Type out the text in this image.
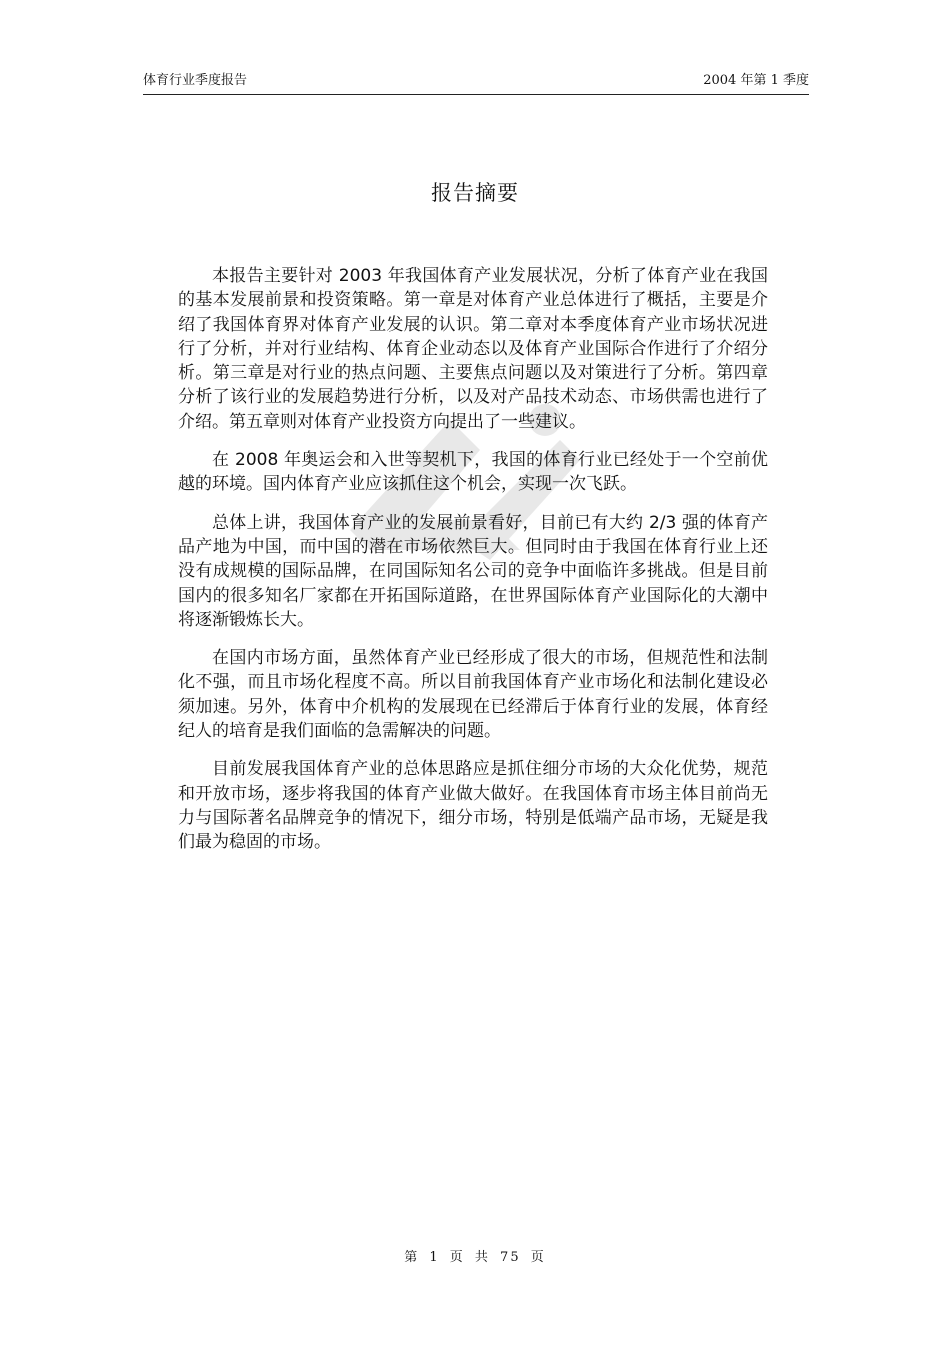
体育行业季度报告	2004 年第 1 季度
报告摘要

本报告主要针对 2003 年我国体育产业发展状况，分析了体育产业在我国的基本发展前景和投资策略。第一章是对体育产业总体进行了概括，主要是介绍了我国体育界对体育产业发展的认识。第二章对本季度体育产业市场状况进行了分析，并对行业结构、体育企业动态以及体育产业国际合作进行了介绍分析。第三章是对行业的热点问题、主要焦点问题以及对策进行了分析。第四章分析了该行业的发展趋势进行分析，以及对产品技术动态、市场供需也进行了介绍。第五章则对体育产业投资方向提出了一些建议。

在 2008 年奥运会和入世等契机下，我国的体育行业已经处于一个空前优越的环境。国内体育产业应该抓住这个机会，实现一次飞跃。

总体上讲，我国体育产业的发展前景看好，目前已有大约 2/3 强的体育产品产地为中国，而中国的潜在市场依然巨大。但同时由于我国在体育行业上还没有成规模的国际品牌，在同国际知名公司的竞争中面临许多挑战。但是目前国内的很多知名厂家都在开拓国际道路，在世界国际体育产业国际化的大潮中将逐渐锻炼长大。

在国内市场方面，虽然体育产业已经形成了很大的市场，但规范性和法制化不强，而且市场化程度不高。所以目前我国体育产业市场化和法制化建设必须加速。另外，体育中介机构的发展现在已经滞后于体育行业的发展，体育经纪人的培育是我们面临的急需解决的问题。

目前发展我国体育产业的总体思路应是抓住细分市场的大众化优势，规范和开放市场，逐步将我国的体育产业做大做好。在我国体育市场主体目前尚无力与国际著名品牌竞争的情况下，细分市场，特别是低端产品市场，无疑是我们最为稳固的市场。

第 1 页 共 75 页
